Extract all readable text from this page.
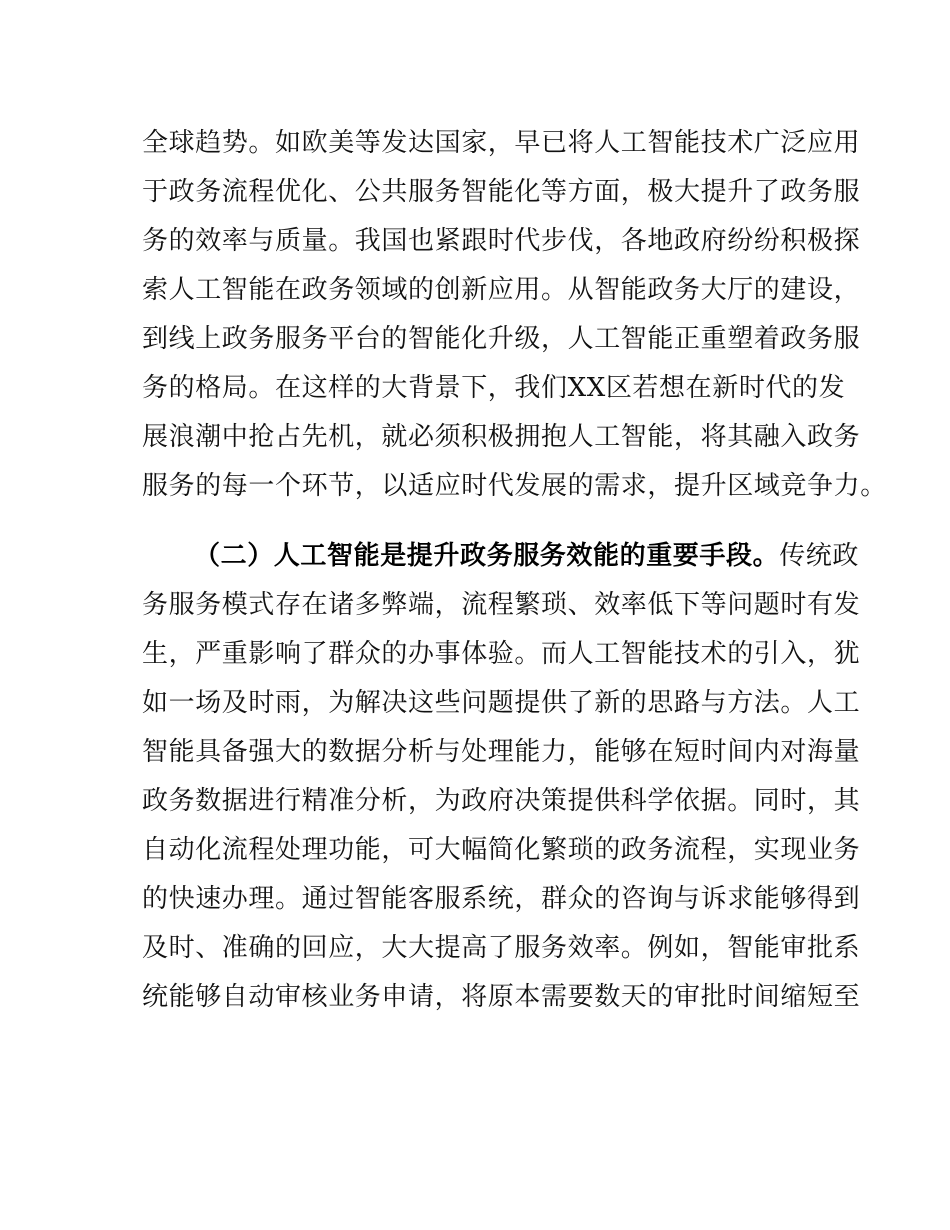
全球趋势。如欧美等发达国家，早已将人工智能技术广泛应用
于政务流程优化、公共服务智能化等方面，极大提升了政务服
务的效率与质量。我国也紧跟时代步伐，各地政府纷纷积极探
索人工智能在政务领域的创新应用。从智能政务大厅的建设，
到线上政务服务平台的智能化升级，人工智能正重塑着政务服
务的格局。在这样的大背景下，我们XX区若想在新时代的发
展浪潮中抢占先机，就必须积极拥抱人工智能，将其融入政务
服务的每一个环节，以适应时代发展的需求，提升区域竞争力。
（二）人工智能是提升政务服务效能的重要手段。传统政
务服务模式存在诸多弊端，流程繁琐、效率低下等问题时有发
生，严重影响了群众的办事体验。而人工智能技术的引入，犹
如一场及时雨，为解决这些问题提供了新的思路与方法。人工
智能具备强大的数据分析与处理能力，能够在短时间内对海量
政务数据进行精准分析，为政府决策提供科学依据。同时，其
自动化流程处理功能，可大幅简化繁琐的政务流程，实现业务
的快速办理。通过智能客服系统，群众的咨询与诉求能够得到
及时、准确的回应，大大提高了服务效率。例如，智能审批系
统能够自动审核业务申请，将原本需要数天的审批时间缩短至
